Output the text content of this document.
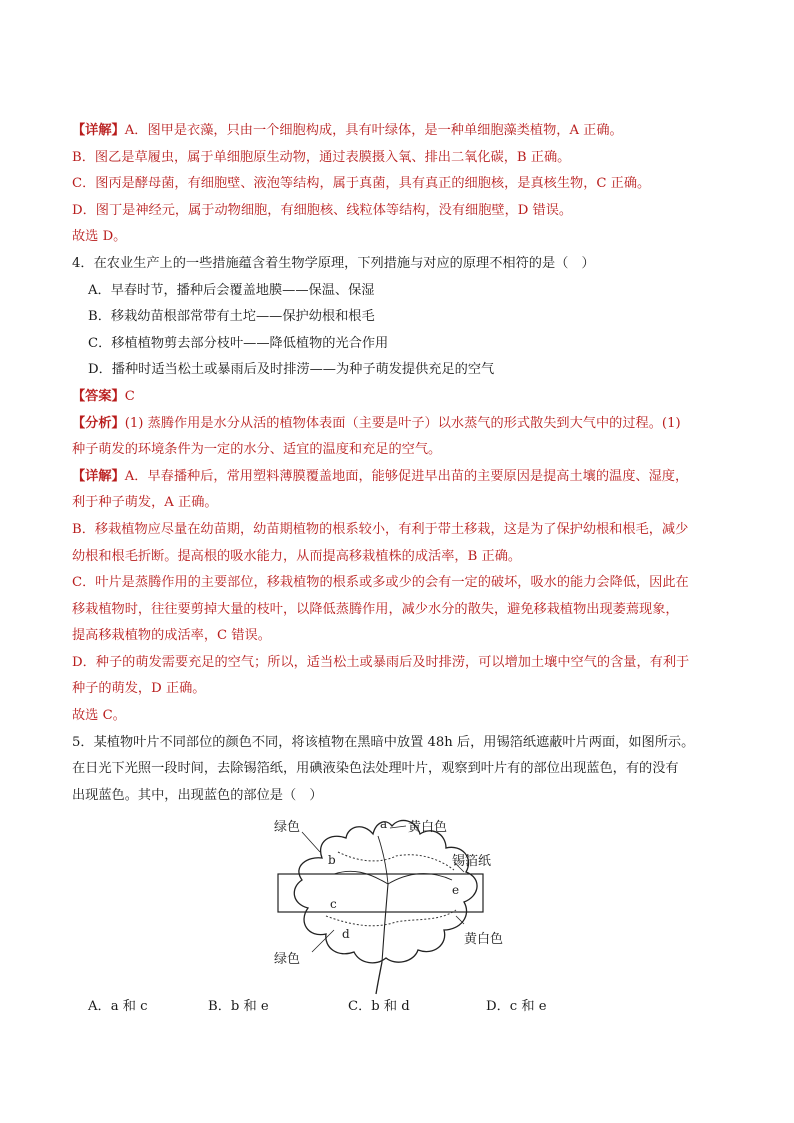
【详解】A．图甲是衣藻，只由一个细胞构成，具有叶绿体，是一种单细胞藻类植物，A 正确。
B．图乙是草履虫，属于单细胞原生动物，通过表膜摄入氧、排出二氧化碳，B 正确。
C．图丙是酵母菌，有细胞壁、液泡等结构，属于真菌，具有真正的细胞核，是真核生物，C 正确。
D．图丁是神经元，属于动物细胞，有细胞核、线粒体等结构，没有细胞壁，D 错误。
故选 D。
4．在农业生产上的一些措施蕴含着生物学原理，下列措施与对应的原理不相符的是（　）
A．早春时节，播种后会覆盖地膜——保温、保湿
B．移栽幼苗根部常带有土坨——保护幼根和根毛
C．移植植物剪去部分枝叶——降低植物的光合作用
D．播种时适当松土或暴雨后及时排涝——为种子萌发提供充足的空气
【答案】C
【分析】(1) 蒸腾作用是水分从活的植物体表面（主要是叶子）以水蒸气的形式散失到大气中的过程。(1)
种子萌发的环境条件为一定的水分、适宜的温度和充足的空气。
【详解】A．早春播种后，常用塑料薄膜覆盖地面，能够促进早出苗的主要原因是提高土壤的温度、湿度，
利于种子萌发，A 正确。
B．移栽植物应尽量在幼苗期，幼苗期植物的根系较小，有利于带土移栽，这是为了保护幼根和根毛，减少
幼根和根毛折断。提高根的吸水能力，从而提高移栽植株的成活率，B 正确。
C．叶片是蒸腾作用的主要部位，移栽植物的根系或多或少的会有一定的破坏，吸水的能力会降低，因此在
移栽植物时，往往要剪掉大量的枝叶，以降低蒸腾作用，减少水分的散失，避免移栽植物出现萎蔫现象，
提高移栽植物的成活率，C 错误。
D．种子的萌发需要充足的空气；所以，适当松土或暴雨后及时排涝，可以增加土壤中空气的含量，有利于
种子的萌发，D 正确。
故选 C。
5．某植物叶片不同部位的颜色不同，将该植物在黑暗中放置 48h 后，用锡箔纸遮蔽叶片两面，如图所示。
在日光下光照一段时间，去除锡箔纸，用碘液染色法处理叶片，观察到叶片有的部位出现蓝色，有的没有
出现蓝色。其中，出现蓝色的部位是（　）
a
b
c
d
e
绿色	黄白色
锡箔纸
黄白色
绿色
A．a 和 c	B．b 和 e	C．b 和 d	D．c 和 e
